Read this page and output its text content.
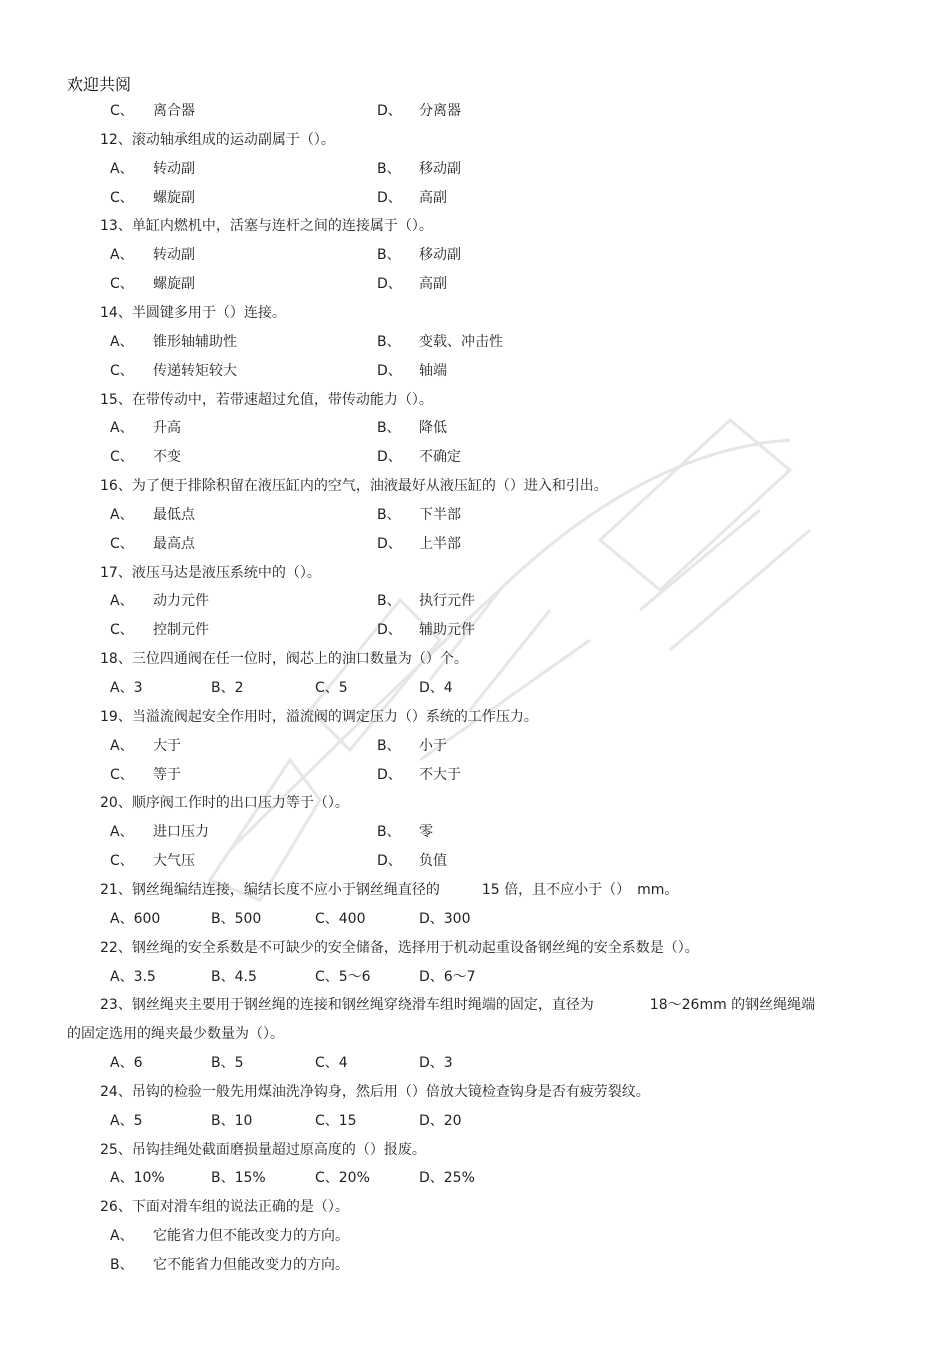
欢迎共阅
C、 离合器	D、 分离器
12、滚动轴承组成的运动副属于（）。
A、 转动副	B、 移动副
C、 螺旋副	D、 高副
13、单缸内燃机中，活塞与连杆之间的连接属于（）。
A、 转动副	B、 移动副
C、 螺旋副	D、 高副
14、半圆键多用于（）连接。
A、 锥形轴辅助性	B、 变载、冲击性
C、 传递转矩较大	D、 轴端
15、在带传动中，若带速超过允值，带传动能力（）。
A、 升高	B、 降低
C、 不变	D、 不确定
16、为了便于排除积留在液压缸内的空气，油液最好从液压缸的（）进入和引出。
A、 最低点	B、 下半部
C、 最高点	D、 上半部
17、液压马达是液压系统中的（）。
A、 动力元件	B、 执行元件
C、 控制元件	D、 辅助元件
18、三位四通阀在任一位时，阀芯上的油口数量为（）个。
A、3	B、2	C、5	D、4
19、当溢流阀起安全作用时，溢流阀的调定压力（）系统的工作压力。
A、 大于	B、 小于
C、 等于	D、 不大于
20、顺序阀工作时的出口压力等于（）。
A、 进口压力	B、 零
C、 大气压	D、 负值
21、钢丝绳编结连接，编结长度不应小于钢丝绳直径的　　　15 倍，且不应小于（）　mm。
A、600	B、500	C、400	D、300
22、钢丝绳的安全系数是不可缺少的安全储备，选择用于机动起重设备钢丝绳的安全系数是（）。
A、3.5	B、4.5	C、5～6	D、6～7
23、钢丝绳夹主要用于钢丝绳的连接和钢丝绳穿绕滑车组时绳端的固定，直径为　　　　18～26mm 的钢丝绳绳端
的固定选用的绳夹最少数量为（）。
A、6	B、5	C、4	D、3
24、吊钩的检验一般先用煤油洗净钩身，然后用（）倍放大镜检查钩身是否有疲劳裂纹。
A、5	B、10	C、15	D、20
25、吊钩挂绳处截面磨损量超过原高度的（）报废。
A、10%	B、15%	C、20%	D、25%
26、下面对滑车组的说法正确的是（）。
A、 它能省力但不能改变力的方向。
B、 它不能省力但能改变力的方向。
